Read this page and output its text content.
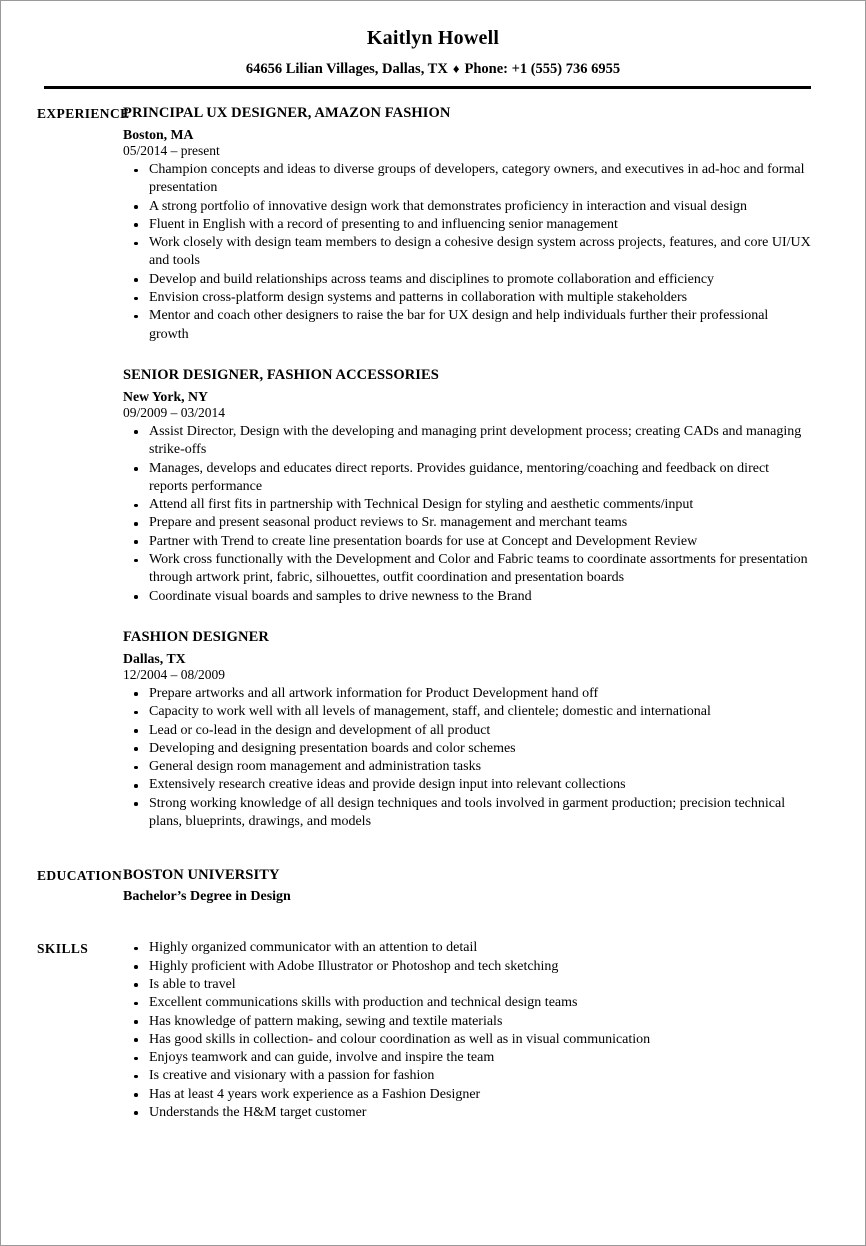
Kaitlyn Howell
64656 Lilian Villages, Dallas, TX ♦ Phone: +1 (555) 736 6955
EXPERIENCE
PRINCIPAL UX DESIGNER, AMAZON FASHION
Boston, MA
05/2014 – present
Champion concepts and ideas to diverse groups of developers, category owners, and executives in ad-hoc and formal presentation
A strong portfolio of innovative design work that demonstrates proficiency in interaction and visual design
Fluent in English with a record of presenting to and influencing senior management
Work closely with design team members to design a cohesive design system across projects, features, and core UI/UX and tools
Develop and build relationships across teams and disciplines to promote collaboration and efficiency
Envision cross-platform design systems and patterns in collaboration with multiple stakeholders
Mentor and coach other designers to raise the bar for UX design and help individuals further their professional growth
SENIOR DESIGNER, FASHION ACCESSORIES
New York, NY
09/2009 – 03/2014
Assist Director, Design with the developing and managing print development process; creating CADs and managing strike-offs
Manages, develops and educates direct reports. Provides guidance, mentoring/coaching and feedback on direct reports performance
Attend all first fits in partnership with Technical Design for styling and aesthetic comments/input
Prepare and present seasonal product reviews to Sr. management and merchant teams
Partner with Trend to create line presentation boards for use at Concept and Development Review
Work cross functionally with the Development and Color and Fabric teams to coordinate assortments for presentation through artwork print, fabric, silhouettes, outfit coordination and presentation boards
Coordinate visual boards and samples to drive newness to the Brand
FASHION DESIGNER
Dallas, TX
12/2004 – 08/2009
Prepare artworks and all artwork information for Product Development hand off
Capacity to work well with all levels of management, staff, and clientele; domestic and international
Lead or co-lead in the design and development of all product
Developing and designing presentation boards and color schemes
General design room management and administration tasks
Extensively research creative ideas and provide design input into relevant collections
Strong working knowledge of all design techniques and tools involved in garment production; precision technical plans, blueprints, drawings, and models
EDUCATION BOSTON UNIVERSITY
Bachelor’s Degree in Design
SKILLS	Highly organized communicator with an attention to detail
Highly proficient with Adobe Illustrator or Photoshop and tech sketching
Is able to travel
Excellent communications skills with production and technical design teams
Has knowledge of pattern making, sewing and textile materials
Has good skills in collection- and colour coordination as well as in visual communication
Enjoys teamwork and can guide, involve and inspire the team
Is creative and visionary with a passion for fashion
Has at least 4 years work experience as a Fashion Designer
Understands the H&M target customer
